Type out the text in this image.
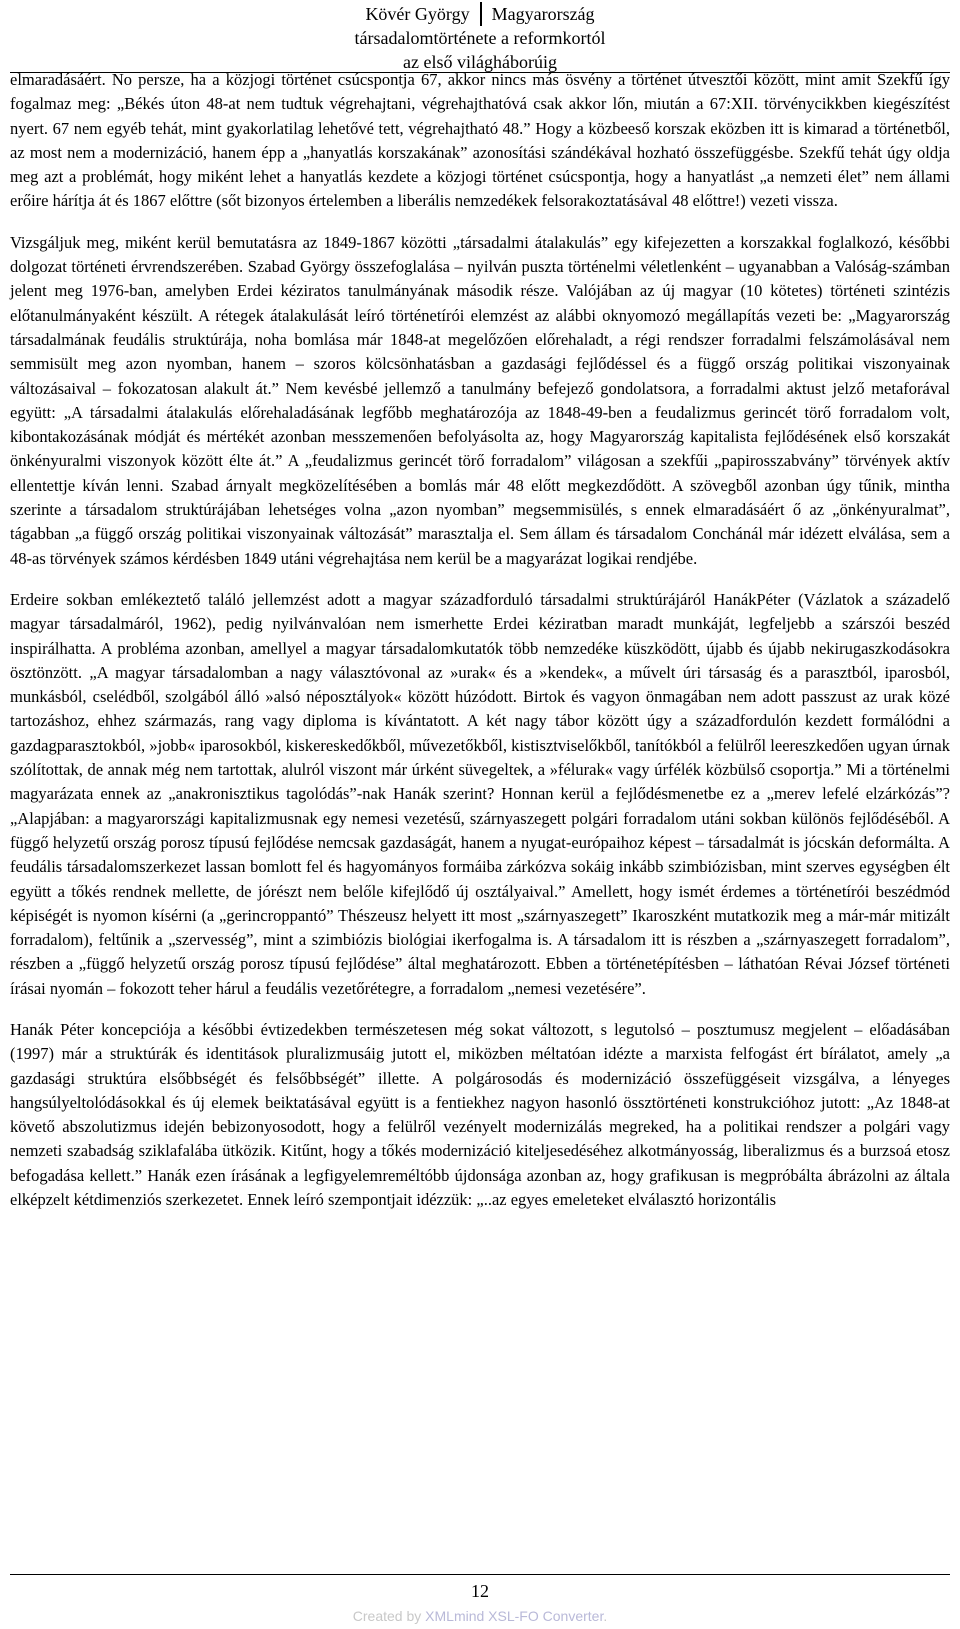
Kövér György Magyarország
társadalomtörténete a reformkortól
az első világháborúig

elmaradásáért. No persze, ha a közjogi történet csúcspontja 67, akkor nincs más ösvény a történet útvesztői között, mint amit Szekfű így fogalmaz meg: „Békés úton 48-at nem tudtuk végrehajtani, végrehajthatóvá csak akkor lőn, miután a 67:XII. törvénycikkben kiegészítést nyert. 67 nem egyéb tehát, mint gyakorlatilag lehetővé tett, végrehajtható 48.” Hogy a közbeeső korszak eközben itt is kimarad a történetből, az most nem a modernizáció, hanem épp a „hanyatlás korszakának” azonosítási szándékával hozható összefüggésbe. Szekfű tehát úgy oldja meg azt a problémát, hogy miként lehet a hanyatlás kezdete a közjogi történet csúcspontja, hogy a hanyatlást „a nemzeti élet” nem állami erőire hárítja át és 1867 előttre (sőt bizonyos értelemben a liberális nemzedékek felsorakoztatásával 48 előttre!) vezeti vissza.

Vizsgáljuk meg, miként kerül bemutatásra az 1849-1867 közötti „társadalmi átalakulás” egy kifejezetten a korszakkal foglalkozó, későbbi dolgozat történeti érvrendszerében. Szabad György összefoglalása – nyilván puszta történelmi véletlenként – ugyanabban a Valóság-számban jelent meg 1976-ban, amelyben Erdei kéziratos tanulmányának második része. Valójában az új magyar (10 kötetes) történeti szintézis előtanulmányaként készült. A rétegek átalakulását leíró történetírói elemzést az alábbi oknyomozó megállapítás vezeti be: „Magyarország társadalmának feudális struktúrája, noha bomlása már 1848-at megelőzően előrehaladt, a régi rendszer forradalmi felszámolásával nem semmisült meg azon nyomban, hanem – szoros kölcsönhatásban a gazdasági fejlődéssel és a függő ország politikai viszonyainak változásaival – fokozatosan alakult át.” Nem kevésbé jellemző a tanulmány befejező gondolatsora, a forradalmi aktust jelző metaforával együtt: „A társadalmi átalakulás előrehaladásának legfőbb meghatározója az 1848-49-ben a feudalizmus gerincét törő forradalom volt, kibontakozásának módját és mértékét azonban messzemenően befolyásolta az, hogy Magyarország kapitalista fejlődésének első korszakát önkényuralmi viszonyok között élte át.” A „feudalizmus gerincét törő forradalom” világosan a szekfűi „papirosszabvány” törvények aktív ellentettje kíván lenni. Szabad árnyalt megközelítésében a bomlás már 48 előtt megkezdődött. A szövegből azonban úgy tűnik, mintha szerinte a társadalom struktúrájában lehetséges volna „azon nyomban” megsemmisülés, s ennek elmaradásáért ő az „önkényuralmat”, tágabban „a függő ország politikai viszonyainak változását” marasztalja el. Sem állam és társadalom Conchánál már idézett elválása, sem a 48-as törvények számos kérdésben 1849 utáni végrehajtása nem kerül be a magyarázat logikai rendjébe.

Erdeire sokban emlékeztető találó jellemzést adott a magyar századforduló társadalmi struktúrájáról HanákPéter (Vázlatok a századelő magyar társadalmáról, 1962), pedig nyilvánvalóan nem ismerhette Erdei kéziratban maradt munkáját, legfeljebb a szárszói beszéd inspirálhatta. A probléma azonban, amellyel a magyar társadalomkutatók több nemzedéke küszködött, újabb és újabb nekirugaszkodásokra ösztönzött. „A magyar társadalomban a nagy választóvonal az »urak« és a »kendek«, a művelt úri társaság és a parasztból, iparosból, munkásból, cselédből, szolgából álló »alsó néposztályok« között húzódott. Birtok és vagyon önmagában nem adott passzust az urak közé tartozáshoz, ehhez származás, rang vagy diploma is kívántatott. A két nagy tábor között úgy a századfordulón kezdett formálódni a gazdagparasztokból, »jobb« iparosokból, kiskereskedőkből, művezetőkből, kistisztviselőkből, tanítókból a felülről leereszkedően ugyan úrnak szólítottak, de annak még nem tartottak, alulról viszont már úrként süvegeltek, a »félurak« vagy úrfélék közbülső csoportja.” Mi a történelmi magyarázata ennek az „anakronisztikus tagolódás”-nak Hanák szerint? Honnan kerül a fejlődésmenetbe ez a „merev lefelé elzárkózás”? „Alapjában: a magyarországi kapitalizmusnak egy nemesi vezetésű, szárnyaszegett polgári forradalom utáni sokban különös fejlődéséből. A függő helyzetű ország porosz típusú fejlődése nemcsak gazdaságát, hanem a nyugat-európaihoz képest – társadalmát is jócskán deformálta. A feudális társadalomszerkezet lassan bomlott fel és hagyományos formáiba zárkózva sokáig inkább szimbiózisban, mint szerves egységben élt együtt a tőkés rendnek mellette, de jórészt nem belőle kifejlődő új osztályaival.” Amellett, hogy ismét érdemes a történetírói beszédmód képiségét is nyomon kísérni (a „gerincroppantó” Thészeusz helyett itt most „szárnyaszegett” Ikaroszként mutatkozik meg a már-már mitizált forradalom), feltűnik a „szervesség”, mint a szimbiózis biológiai ikerfogalma is. A társadalom itt is részben a „szárnyaszegett forradalom”, részben a „függő helyzetű ország porosz típusú fejlődése” által meghatározott. Ebben a történetépítésben – láthatóan Révai József történeti írásai nyomán – fokozott teher hárul a feudális vezetőrétegre, a forradalom „nemesi vezetésére”.

Hanák Péter koncepciója a későbbi évtizedekben természetesen még sokat változott, s legutolsó – posztumusz megjelent – előadásában (1997) már a struktúrák és identitások pluralizmusáig jutott el, miközben méltatóan idézte a marxista felfogást ért bírálatot, amely „a gazdasági struktúra elsőbbségét és felsőbbségét” illette. A polgárosodás és modernizáció összefüggéseit vizsgálva, a lényeges hangsúlyeltolódásokkal és új elemek beiktatásával együtt is a fentiekhez nagyon hasonló össztörténeti konstrukcióhoz jutott: „Az 1848-at követő abszolutizmus idején bebizonyosodott, hogy a felülről vezényelt modernizálás megreked, ha a politikai rendszer a polgári vagy nemzeti szabadság sziklafalába ütközik. Kitűnt, hogy a tőkés modernizáció kiteljesedéséhez alkotmányosság, liberalizmus és a burzsoá etosz befogadása kellett.” Hanák ezen írásának a legfigyelemreméltóbb újdonsága azonban az, hogy grafikusan is megpróbálta ábrázolni az általa elképzelt kétdimenziós szerkezetet. Ennek leíró szempontjait idézzük: „..az egyes emeleteket elválasztó horizontális

12
Created by XMLmind XSL-FO Converter.
